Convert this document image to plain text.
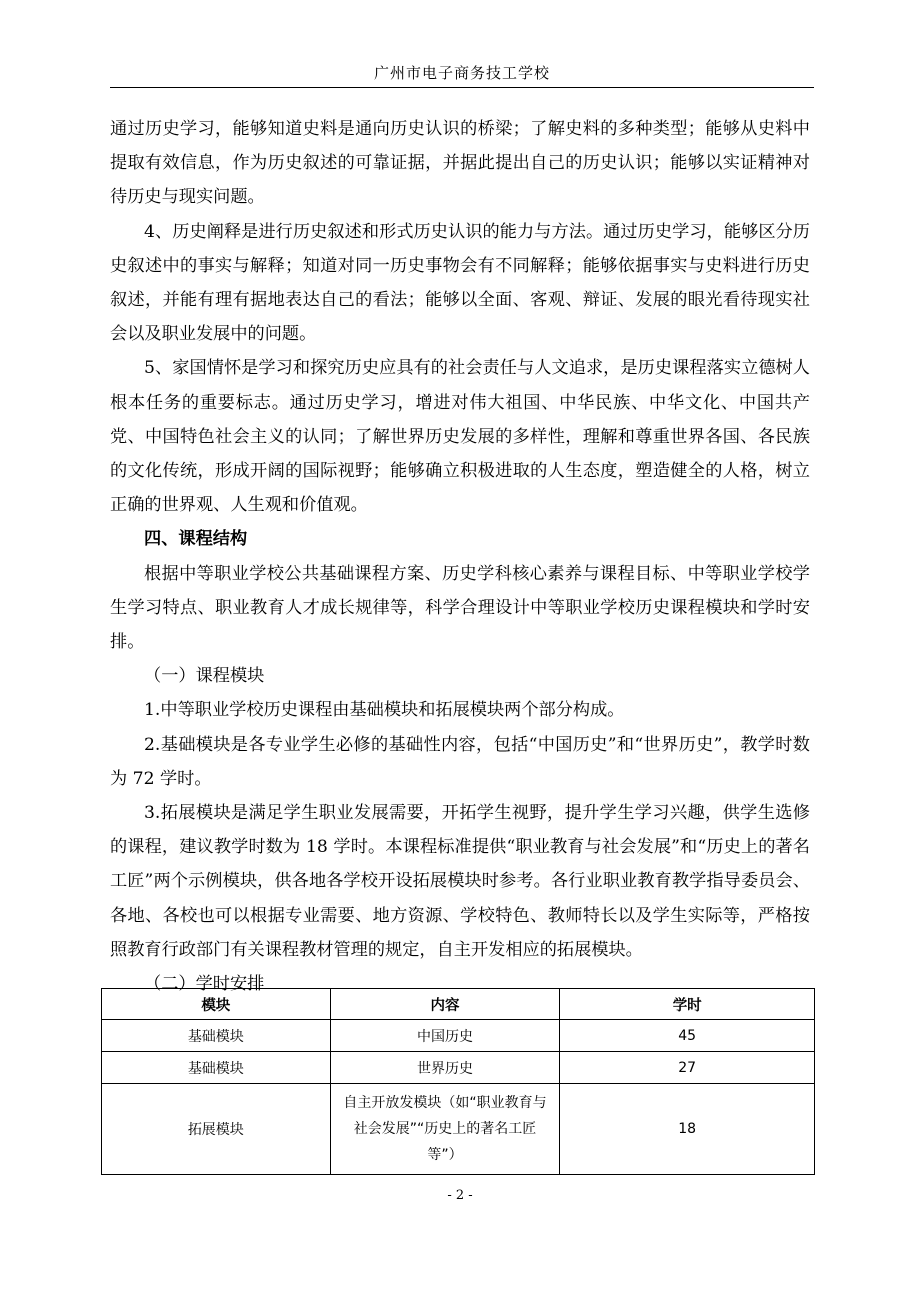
广州市电子商务技工学校

通过历史学习，能够知道史料是通向历史认识的桥梁；了解史料的多种类型；能够从史料中提取有效信息，作为历史叙述的可靠证据，并据此提出自己的历史认识；能够以实证精神对待历史与现实问题。

4、历史阐释是进行历史叙述和形式历史认识的能力与方法。通过历史学习，能够区分历史叙述中的事实与解释；知道对同一历史事物会有不同解释；能够依据事实与史料进行历史叙述，并能有理有据地表达自己的看法；能够以全面、客观、辩证、发展的眼光看待现实社会以及职业发展中的问题。

5、家国情怀是学习和探究历史应具有的社会责任与人文追求，是历史课程落实立德树人根本任务的重要标志。通过历史学习，增进对伟大祖国、中华民族、中华文化、中国共产党、中国特色社会主义的认同；了解世界历史发展的多样性，理解和尊重世界各国、各民族的文化传统，形成开阔的国际视野；能够确立积极进取的人生态度，塑造健全的人格，树立正确的世界观、人生观和价值观。

四、课程结构

根据中等职业学校公共基础课程方案、历史学科核心素养与课程目标、中等职业学校学生学习特点、职业教育人才成长规律等，科学合理设计中等职业学校历史课程模块和学时安排。

（一）课程模块

1.中等职业学校历史课程由基础模块和拓展模块两个部分构成。

2.基础模块是各专业学生必修的基础性内容，包括“中国历史”和“世界历史”，教学时数为 72 学时。

3.拓展模块是满足学生职业发展需要，开拓学生视野，提升学生学习兴趣，供学生选修的课程，建议教学时数为 18 学时。本课程标准提供“职业教育与社会发展”和“历史上的著名工匠”两个示例模块，供各地各学校开设拓展模块时参考。各行业职业教育教学指导委员会、各地、各校也可以根据专业需要、地方资源、学校特色、教师特长以及学生实际等，严格按照教育行政部门有关课程教材管理的规定，自主开发相应的拓展模块。

（二）学时安排

模块	内容	学时
基础模块	中国历史	45
基础模块	世界历史	27
拓展模块	自主开放发模块（如“职业教育与社会发展”“历史上的著名工匠等”）	18
- 2 -
